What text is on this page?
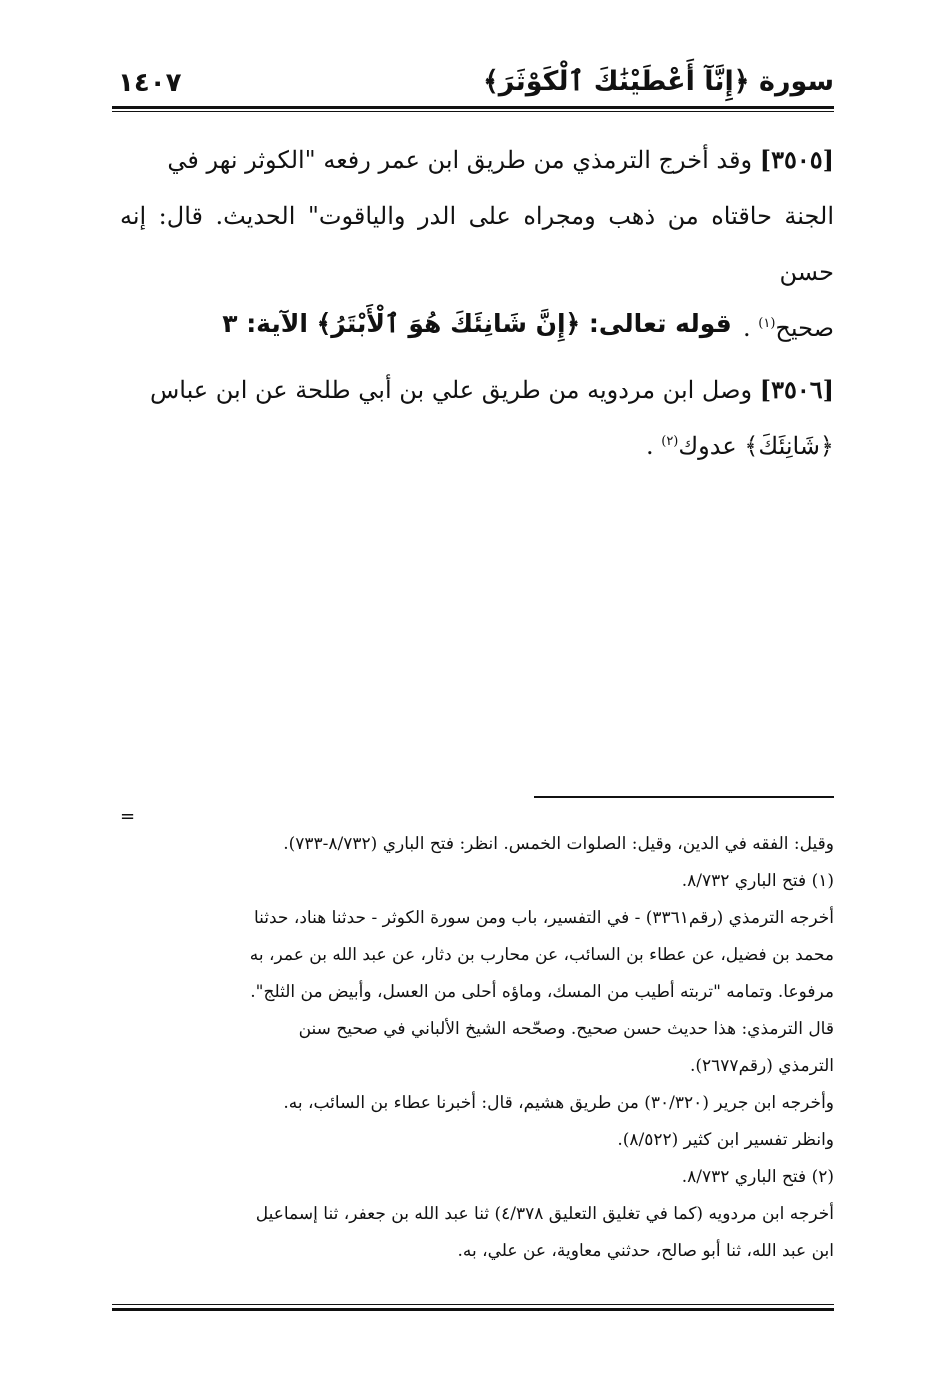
١٤٠٧	سورة ﴿إِنَّآ أَعْطَيْنَٰكَ ٱلْكَوْثَرَ﴾
[٣٥٠٥] وقد أخرج الترمذي من طريق ابن عمر رفعه "الكوثر نهر في
الجنة حاقتاه من ذهب ومجراه على الدر والياقوت" الحديث. قال: إنه حسن
صحيح$^{(١)}$ .
قوله تعالى: ﴿إِنَّ شَانِئَكَ هُوَ ٱلْأَبْتَرُ﴾ الآية: ٣
[٣٥٠٦] وصل ابن مردويه من طريق علي بن أبي طلحة عن ابن عباس
﴿شَانِئَكَ﴾ عدوك$^{(٢)}$ .
=

وقيل: الفقه في الدين، وقيل: الصلوات الخمس. انظر: فتح الباري (٨/٧٣٢-٧٣٣).

(١) فتح الباري ٨/٧٣٢.

أخرجه الترمذي (رقم٣٣٦١) - في التفسير، باب ومن سورة الكوثر - حدثنا هناد، حدثنا

محمد بن فضيل، عن عطاء بن السائب، عن محارب بن دثار، عن عبد الله بن عمر، به

مرفوعا. وتمامه "تربته أطيب من المسك، وماؤه أحلى من العسل، وأبيض من الثلج".

قال الترمذي: هذا حديث حسن صحيح. وصحّحه الشيخ الألباني في صحيح سنن

الترمذي (رقم٢٦٧٧).

وأخرجه ابن جرير (٣٠/٣٢٠) من طريق هشيم، قال: أخبرنا عطاء بن السائب، به.

وانظر تفسير ابن كثير (٨/٥٢٢).

(٢) فتح الباري ٨/٧٣٢.

أخرجه ابن مردويه (كما في تغليق التعليق ٤/٣٧٨) ثنا عبد الله بن جعفر، ثنا إسماعيل

ابن عبد الله، ثنا أبو صالح، حدثني معاوية، عن علي، به.
